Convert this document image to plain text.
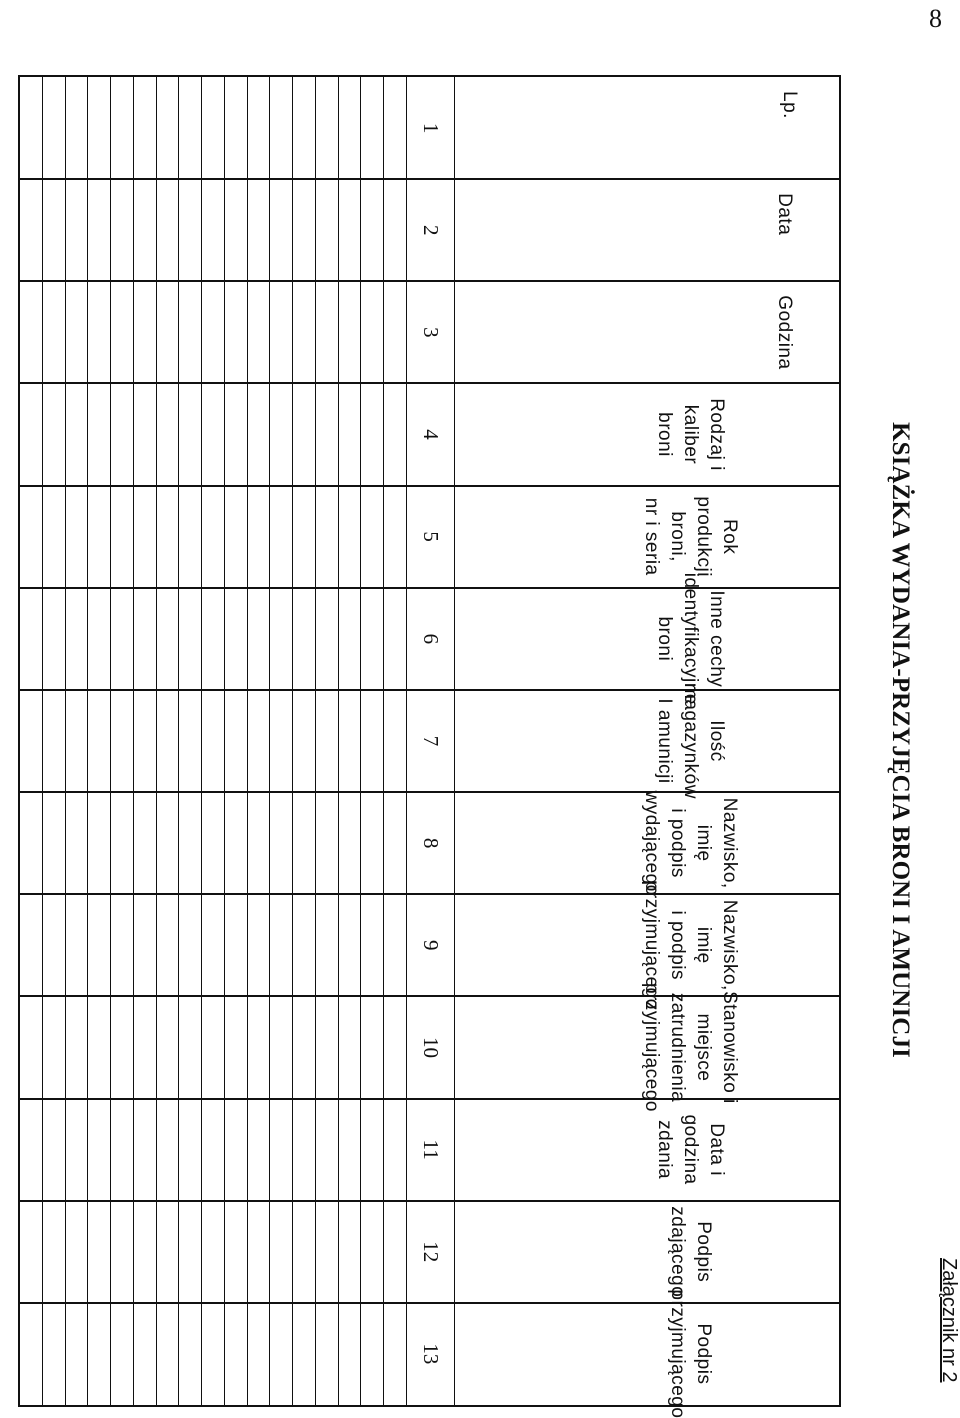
8
Załącznik nr 2
KSIĄŻKA WYDANIA-PRZYJĘCIA BRONI I AMUNICJI
Lp.
1
Data
2
Godzina
3
Rodzaj i kaliber broni
4
Rok produkcji broni,
nr i seria
5
Inne cechy identyfikacyjne
broni
6
Ilość magazynków
I amunicji
7
Nazwisko, imię
i podpis wydającego
8
Nazwisko, imię
i podpis przyjmującego
9
Stanowisko i miejsce
zatrudnienia przyjmującego
10
Data i godzina zdania
11
Podpis zdającego
12
Podpis przyjmującego
13
